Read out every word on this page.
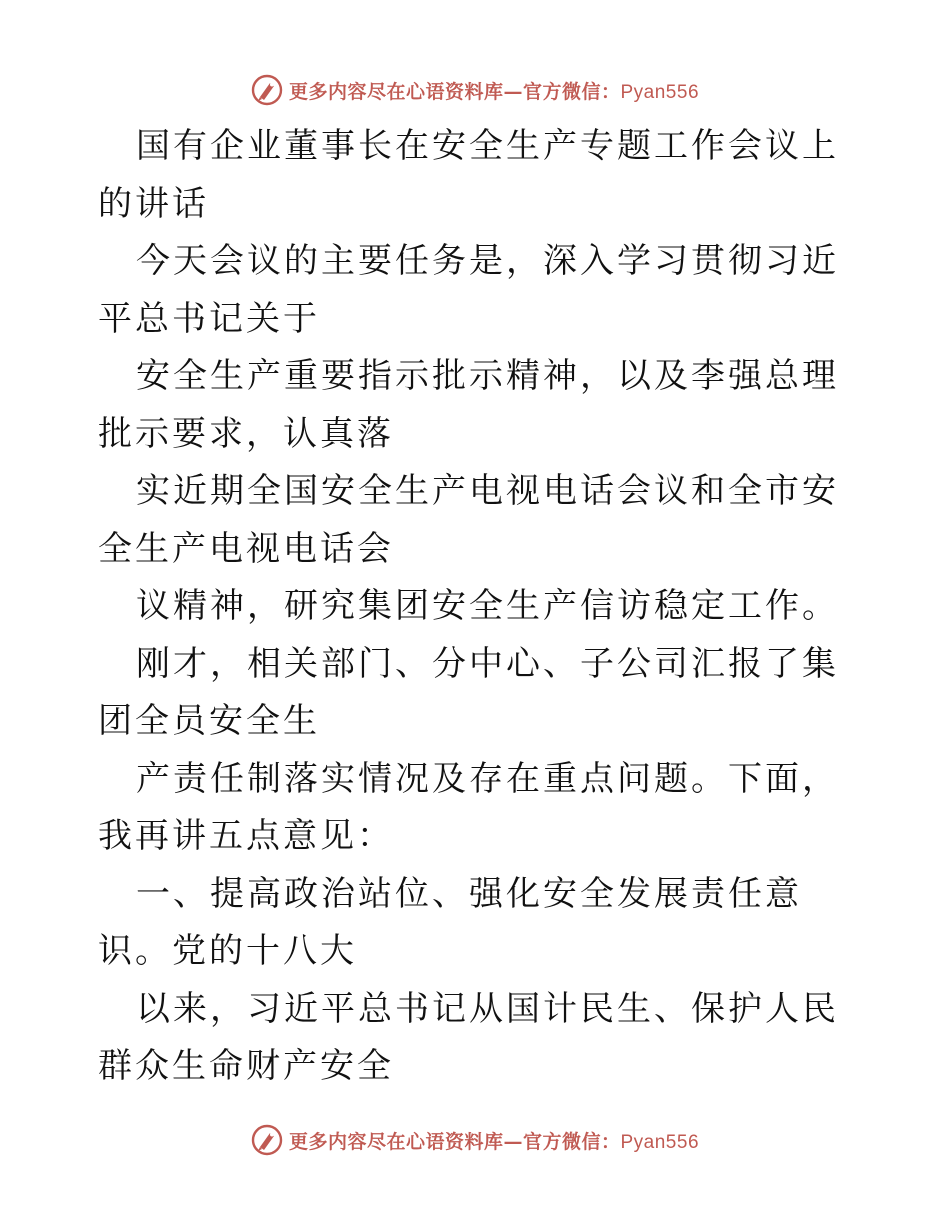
更多内容尽在心语资料库—官方微信：Pyan556

国有企业董事长在安全生产专题工作会议上的讲话

今天会议的主要任务是，深入学习贯彻习近平总书记关于

安全生产重要指示批示精神，以及李强总理批示要求，认真落

实近期全国安全生产电视电话会议和全市安全生产电视电话会

议精神，研究集团安全生产信访稳定工作。

刚才，相关部门、分中心、子公司汇报了集团全员安全生

产责任制落实情况及存在重点问题。下面，我再讲五点意见：

一、提高政治站位、强化安全发展责任意识。党的十八大

以来，习近平总书记从国计民生、保护人民群众生命财产安全

更多内容尽在心语资料库—官方微信：Pyan556
